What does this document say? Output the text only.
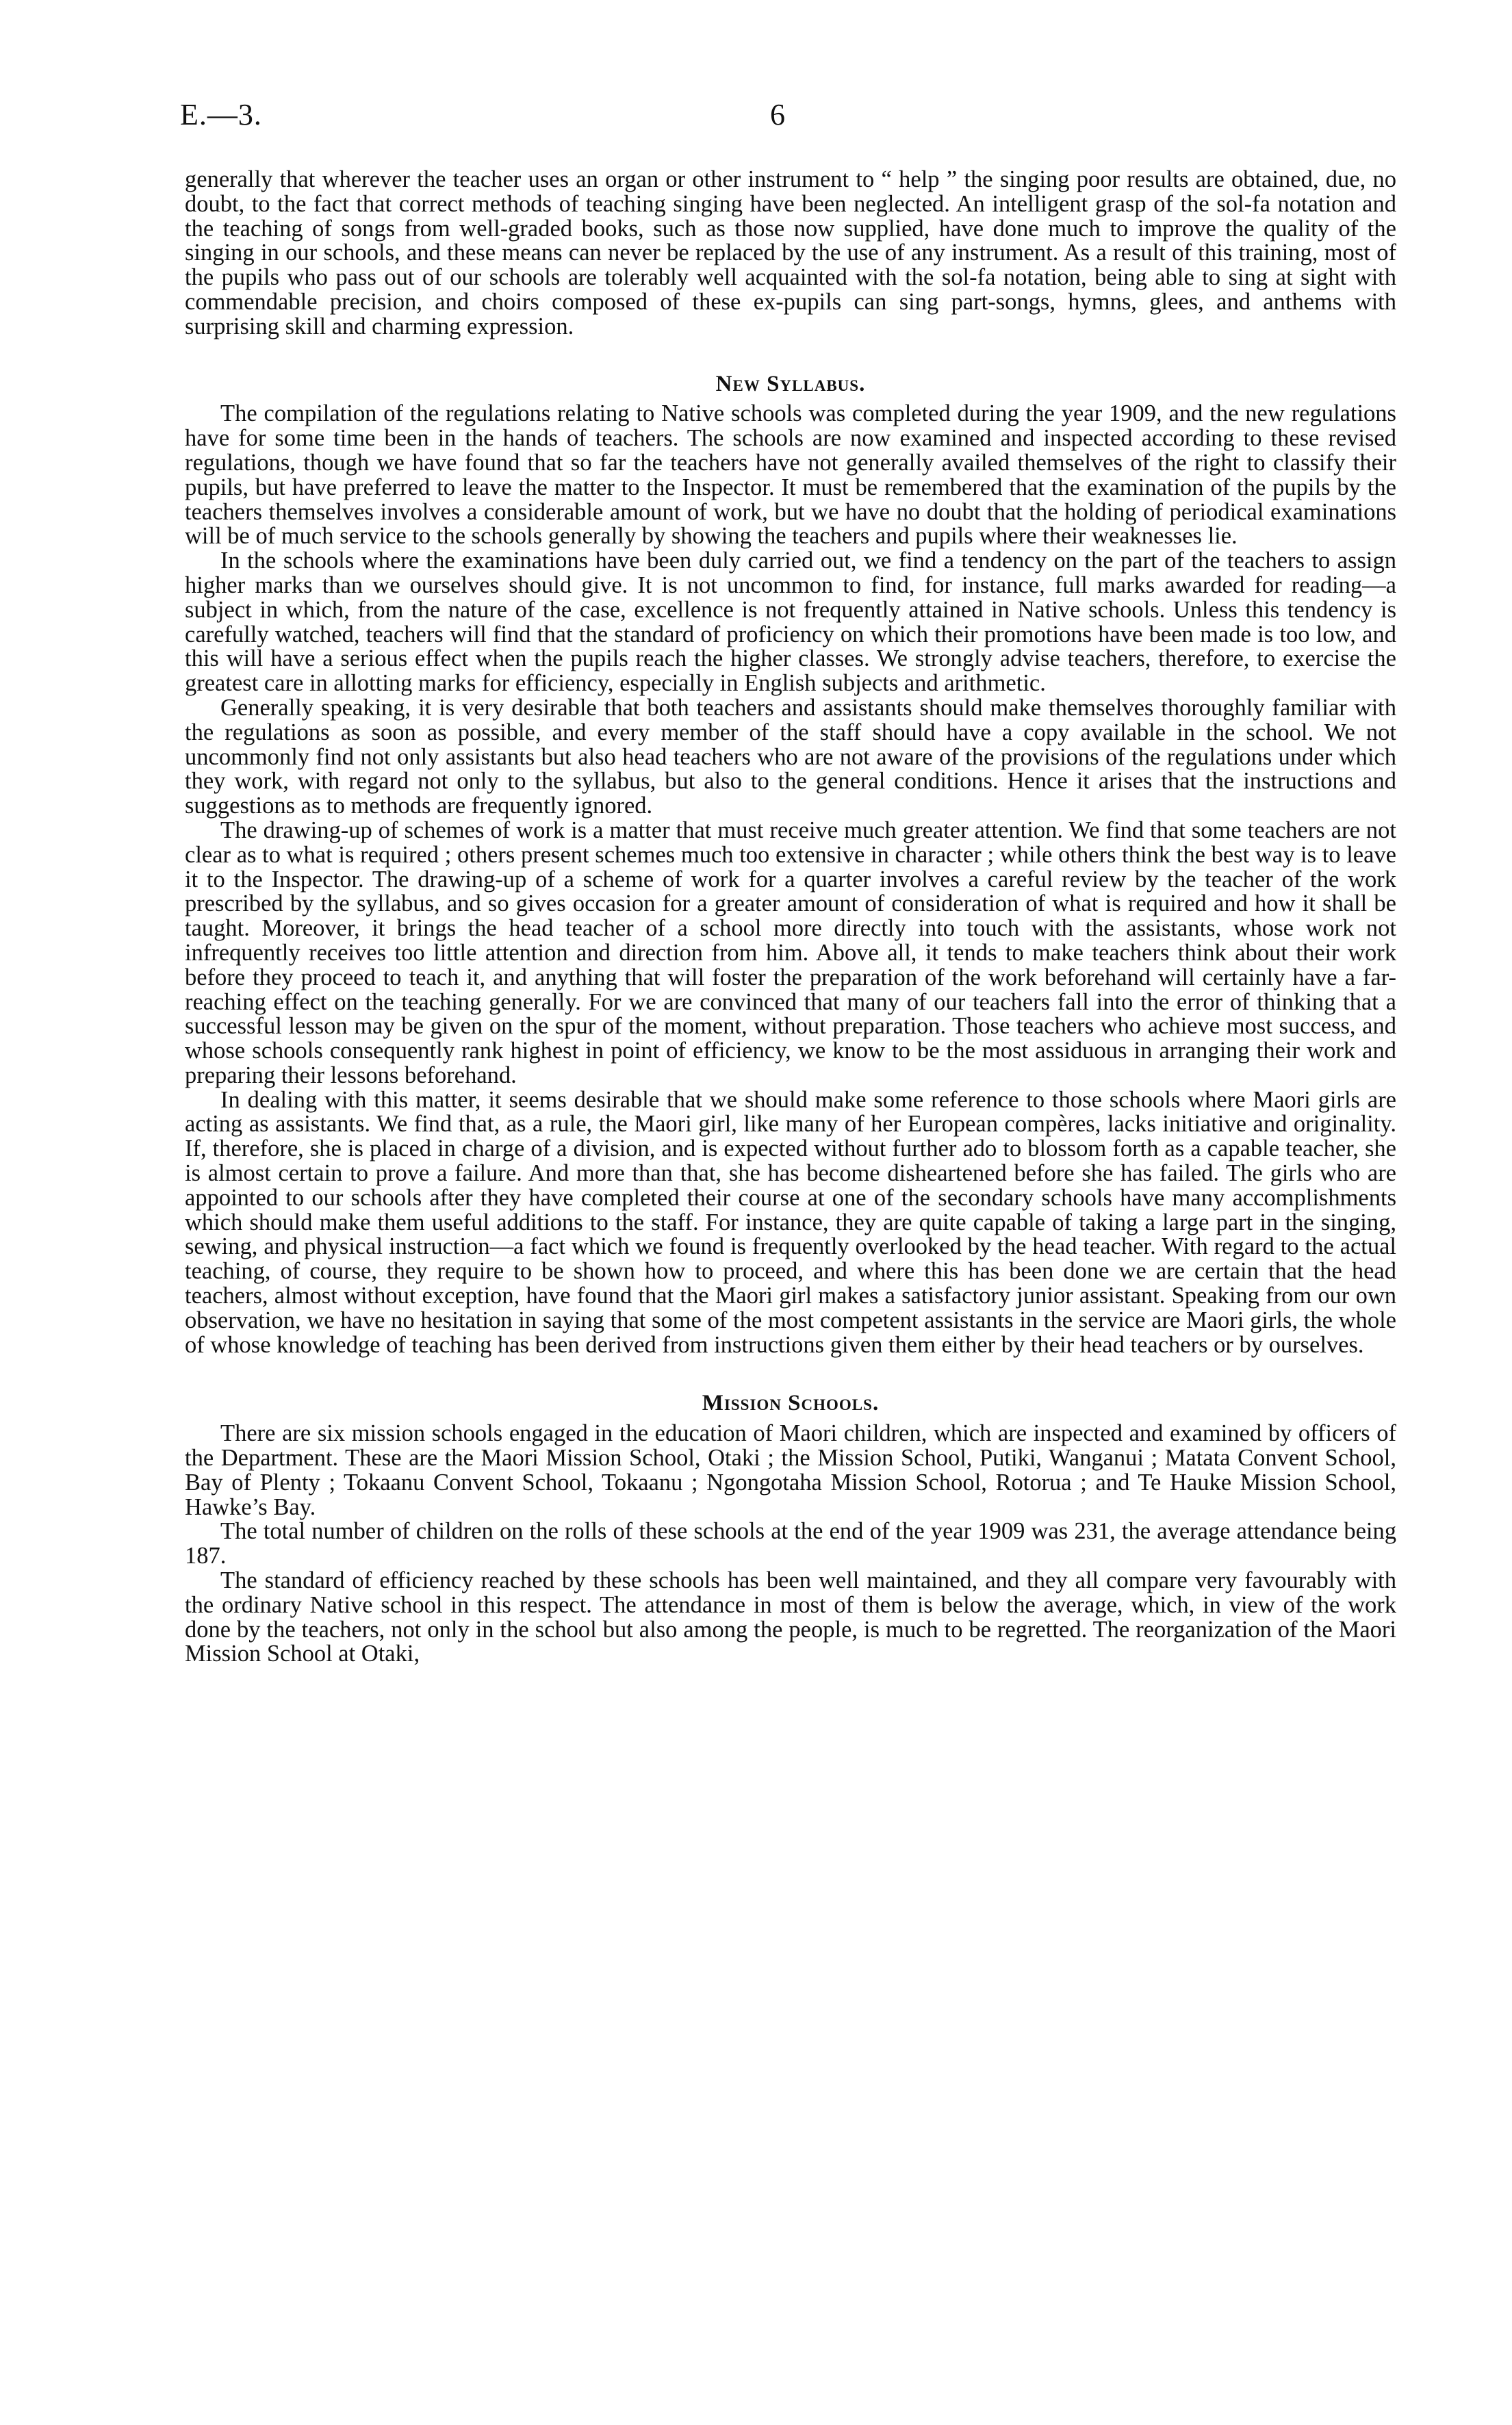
E.—3.	6

generally that wherever the teacher uses an organ or other instrument to “ help ” the singing poor results are obtained, due, no doubt, to the fact that correct methods of teaching singing have been neglected. An intelligent grasp of the sol-fa notation and the teaching of songs from well-graded books, such as those now supplied, have done much to improve the quality of the singing in our schools, and these means can never be replaced by the use of any instrument. As a result of this training, most of the pupils who pass out of our schools are tolerably well acquainted with the sol-fa notation, being able to sing at sight with commendable precision, and choirs composed of these ex-pupils can sing part-songs, hymns, glees, and anthems with surprising skill and charming expression.

New Syllabus.

The compilation of the regulations relating to Native schools was completed during the year 1909, and the new regulations have for some time been in the hands of teachers. The schools are now examined and inspected according to these revised regulations, though we have found that so far the teachers have not generally availed themselves of the right to classify their pupils, but have preferred to leave the matter to the Inspector. It must be remembered that the examination of the pupils by the teachers themselves involves a considerable amount of work, but we have no doubt that the holding of periodical examinations will be of much service to the schools generally by showing the teachers and pupils where their weaknesses lie.

In the schools where the examinations have been duly carried out, we find a tendency on the part of the teachers to assign higher marks than we ourselves should give. It is not uncommon to find, for instance, full marks awarded for reading—a subject in which, from the nature of the case, excellence is not frequently attained in Native schools. Unless this tendency is carefully watched, teachers will find that the standard of proficiency on which their promotions have been made is too low, and this will have a serious effect when the pupils reach the higher classes. We strongly advise teachers, therefore, to exercise the greatest care in allotting marks for efficiency, especially in English subjects and arithmetic.

Generally speaking, it is very desirable that both teachers and assistants should make themselves thoroughly familiar with the regulations as soon as possible, and every member of the staff should have a copy available in the school. We not uncommonly find not only assistants but also head teachers who are not aware of the provisions of the regulations under which they work, with regard not only to the syllabus, but also to the general conditions. Hence it arises that the instructions and suggestions as to methods are frequently ignored.

The drawing-up of schemes of work is a matter that must receive much greater attention. We find that some teachers are not clear as to what is required ; others present schemes much too extensive in character ; while others think the best way is to leave it to the Inspector. The drawing-up of a scheme of work for a quarter involves a careful review by the teacher of the work prescribed by the syllabus, and so gives occasion for a greater amount of consideration of what is required and how it shall be taught. Moreover, it brings the head teacher of a school more directly into touch with the assistants, whose work not infrequently receives too little attention and direction from him. Above all, it tends to make teachers think about their work before they proceed to teach it, and anything that will foster the preparation of the work beforehand will certainly have a far-reaching effect on the teaching generally. For we are convinced that many of our teachers fall into the error of thinking that a successful lesson may be given on the spur of the moment, without preparation. Those teachers who achieve most success, and whose schools consequently rank highest in point of efficiency, we know to be the most assiduous in arranging their work and preparing their lessons beforehand.

In dealing with this matter, it seems desirable that we should make some reference to those schools where Maori girls are acting as assistants. We find that, as a rule, the Maori girl, like many of her European compères, lacks initiative and originality. If, therefore, she is placed in charge of a division, and is expected without further ado to blossom forth as a capable teacher, she is almost certain to prove a failure. And more than that, she has become disheartened before she has failed. The girls who are appointed to our schools after they have completed their course at one of the secondary schools have many accomplishments which should make them useful additions to the staff. For instance, they are quite capable of taking a large part in the singing, sewing, and physical instruction—a fact which we found is frequently overlooked by the head teacher. With regard to the actual teaching, of course, they require to be shown how to proceed, and where this has been done we are certain that the head teachers, almost without exception, have found that the Maori girl makes a satisfactory junior assistant. Speaking from our own observation, we have no hesitation in saying that some of the most competent assistants in the service are Maori girls, the whole of whose knowledge of teaching has been derived from instructions given them either by their head teachers or by ourselves.

Mission Schools.

There are six mission schools engaged in the education of Maori children, which are inspected and examined by officers of the Department. These are the Maori Mission School, Otaki ; the Mission School, Putiki, Wanganui ; Matata Convent School, Bay of Plenty ; Tokaanu Convent School, Tokaanu ; Ngongotaha Mission School, Rotorua ; and Te Hauke Mission School, Hawke’s Bay.

The total number of children on the rolls of these schools at the end of the year 1909 was 231, the average attendance being 187.

The standard of efficiency reached by these schools has been well maintained, and they all compare very favourably with the ordinary Native school in this respect. The attendance in most of them is below the average, which, in view of the work done by the teachers, not only in the school but also among the people, is much to be regretted. The reorganization of the Maori Mission School at Otaki,
